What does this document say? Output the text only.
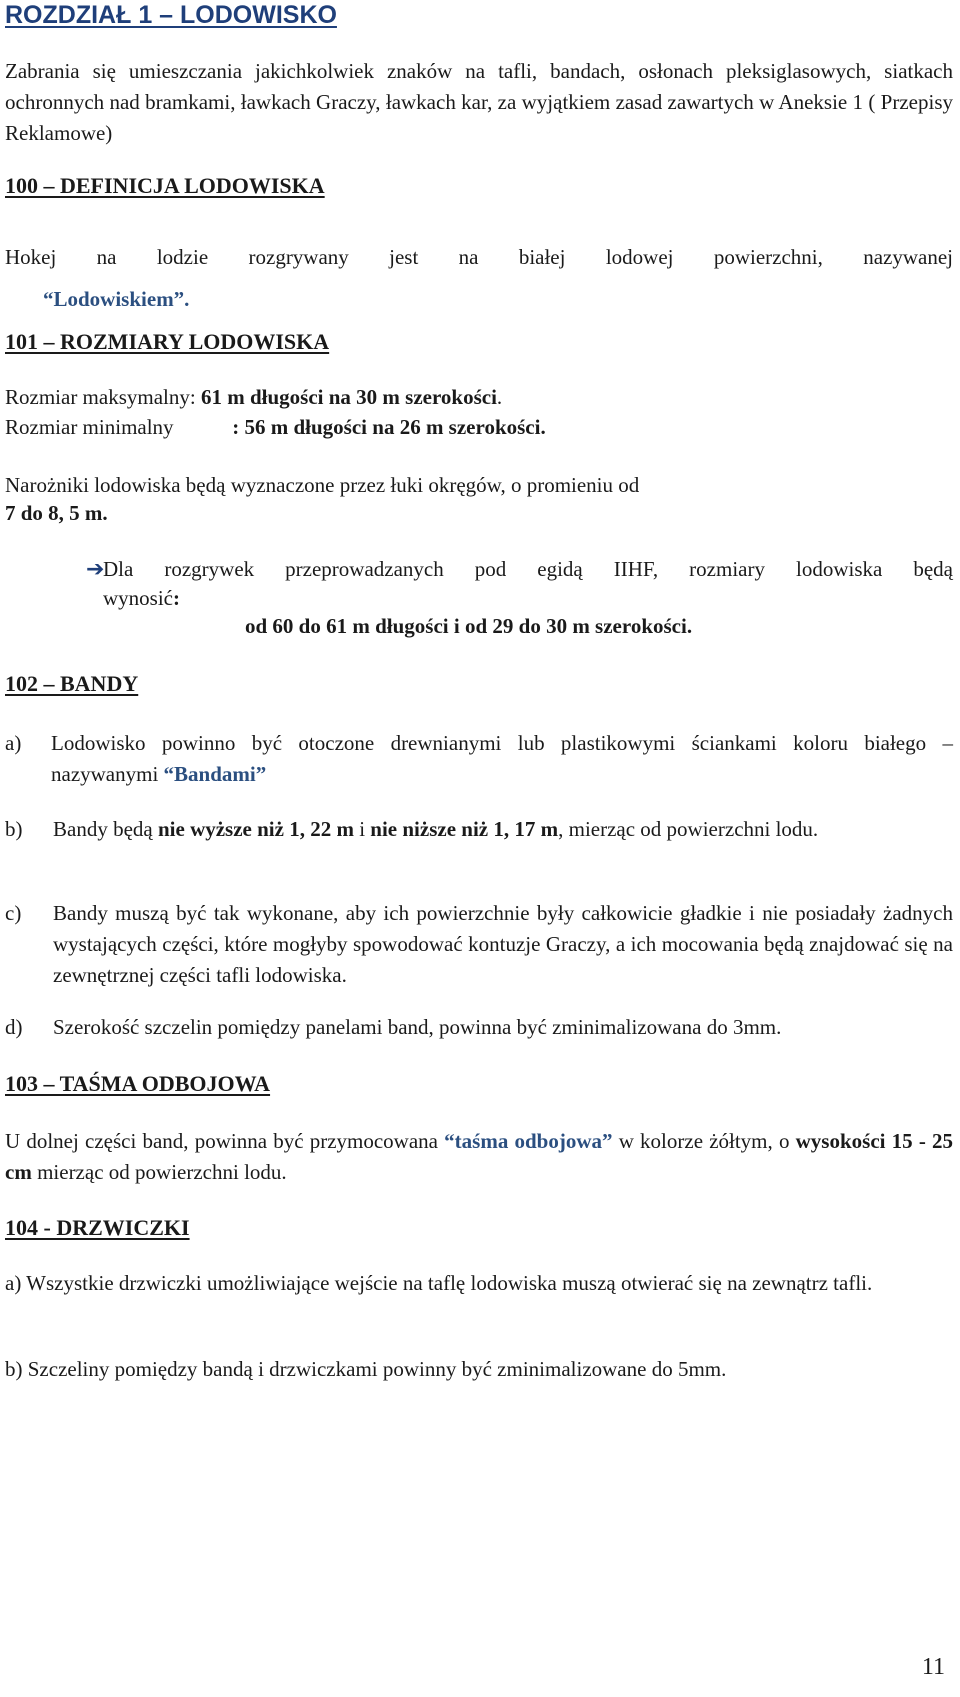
ROZDZIAŁ 1 – LODOWISKO
Zabrania się umieszczania jakichkolwiek znaków na tafli, bandach, osłonach pleksiglasowych, siatkach ochronnych nad bramkami, ławkach Graczy, ławkach kar, za wyjątkiem zasad zawartych w Aneksie 1 ( Przepisy Reklamowe)
100 – DEFINICJA LODOWISKA
Hokej na lodzie rozgrywany jest na białej lodowej powierzchni, nazywanej
“Lodowiskiem”.
101 – ROZMIARY LODOWISKA
Rozmiar maksymalny: 61 m długości na 30 m szerokości.
Rozmiar minimalny	: 56 m długości na 26 m szerokości.
Narożniki lodowiska będą wyznaczone przez łuki okręgów, o promieniu od
7 do 8, 5 m.
➔
Dla rozgrywek przeprowadzanych pod egidą IIHF, rozmiary lodowiska będą
wynosić:
od 60 do 61 m długości i od 29 do 30 m szerokości.
102 – BANDY
a)	Lodowisko powinno być otoczone drewnianymi lub plastikowymi ściankami koloru białego – nazywanymi “Bandami”
b) Bandy będą nie wyższe niż 1, 22 m i nie niższe niż 1, 17 m, mierząc od powierzchni lodu.
c) Bandy muszą być tak wykonane, aby ich powierzchnie były całkowicie gładkie i nie posiadały żadnych wystających części, które mogłyby spowodować kontuzje Graczy, a ich mocowania będą znajdować się na zewnętrznej części tafli lodowiska.
d) Szerokość szczelin pomiędzy panelami band, powinna być zminimalizowana do 3mm.
103 – TAŚMA ODBOJOWA
U dolnej części band, powinna być przymocowana “taśma odbojowa” w kolorze żółtym, o wysokości 15 - 25 cm mierząc od powierzchni lodu.
104 - DRZWICZKI
a) Wszystkie drzwiczki umożliwiające wejście na taflę lodowiska muszą otwierać się na zewnątrz tafli.
b) Szczeliny pomiędzy bandą i drzwiczkami powinny być zminimalizowane do 5mm.
11
